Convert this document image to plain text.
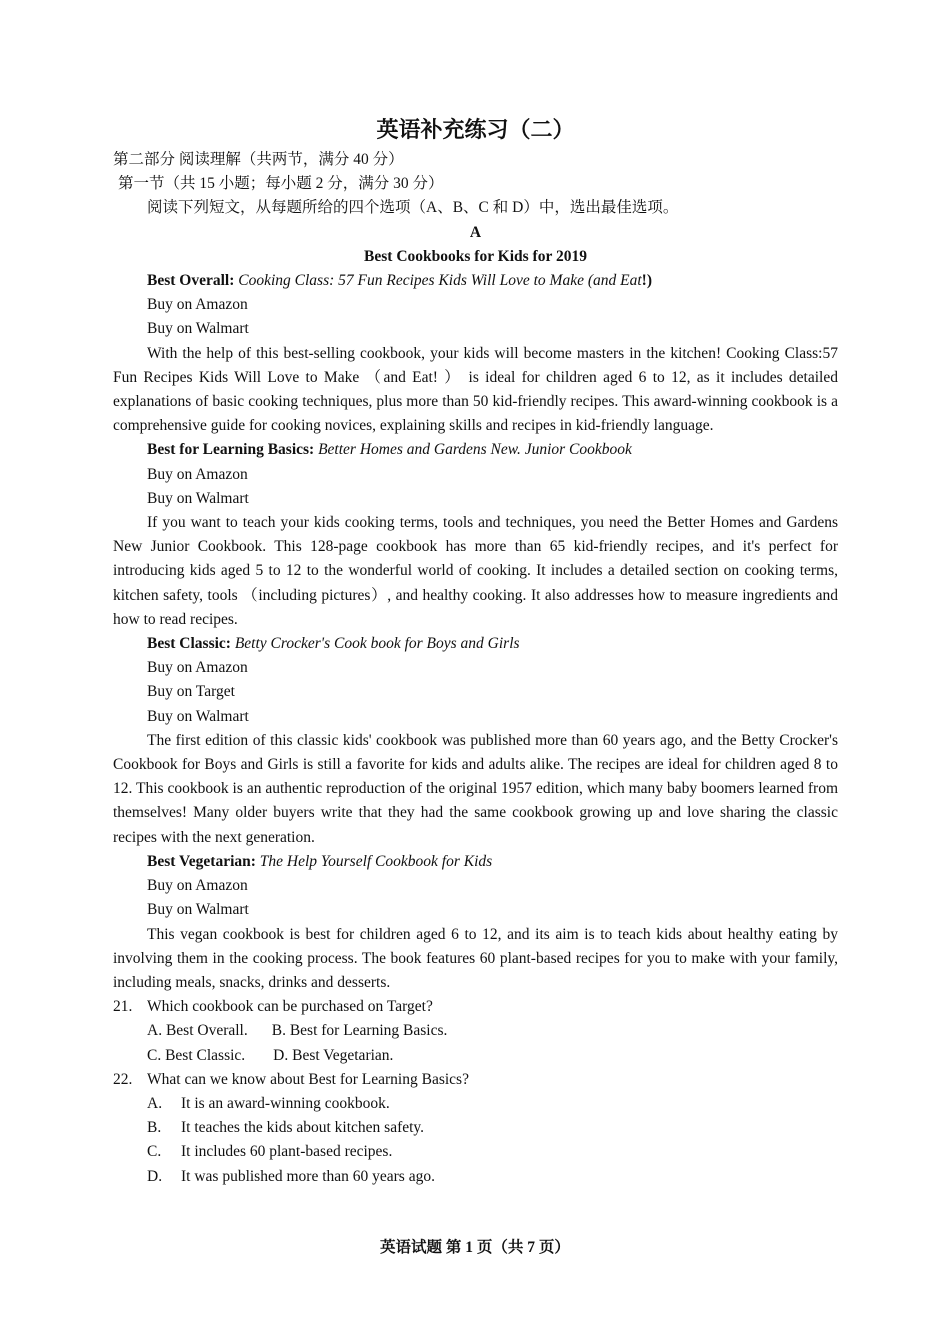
英语补充练习（二）
第二部分 阅读理解（共两节，满分 40 分）
第一节（共 15 小题；每小题 2 分，满分 30 分）
阅读下列短文，从每题所给的四个选项（A、B、C 和 D）中，选出最佳选项。
A
Best Cookbooks for Kids for 2019
Best Overall: Cooking Class: 57 Fun Recipes Kids Will Love to Make (and Eat!)
Buy on Amazon
Buy on Walmart

With the help of this best-selling cookbook, your kids will become masters in the kitchen! Cooking Class:57 Fun Recipes Kids Will Love to Make （and Eat! ） is ideal for children aged 6 to 12, as it includes detailed explanations of basic cooking techniques, plus more than 50 kid-friendly recipes. This award-winning cookbook is a comprehensive guide for cooking novices, explaining skills and recipes in kid-friendly language.

Best for Learning Basics: Better Homes and Gardens New. Junior Cookbook
Buy on Amazon
Buy on Walmart

If you want to teach your kids cooking terms, tools and techniques, you need the Better Homes and Gardens New Junior Cookbook. This 128-page cookbook has more than 65 kid-friendly recipes, and it's perfect for introducing kids aged 5 to 12 to the wonderful world of cooking. It includes a detailed section on cooking terms, kitchen safety, tools （including pictures）, and healthy cooking. It also addresses how to measure ingredients and how to read recipes.

Best Classic: Betty Crocker's Cook book for Boys and Girls
Buy on Amazon
Buy on Target
Buy on Walmart

The first edition of this classic kids' cookbook was published more than 60 years ago, and the Betty Crocker's Cookbook for Boys and Girls is still a favorite for kids and adults alike. The recipes are ideal for children aged 8 to 12. This cookbook is an authentic reproduction of the original 1957 edition, which many baby boomers learned from themselves! Many older buyers write that they had the same cookbook growing up and love sharing the classic recipes with the next generation.

Best Vegetarian: The Help Yourself Cookbook for Kids
Buy on Amazon
Buy on Walmart

This vegan cookbook is best for children aged 6 to 12, and its aim is to teach kids about healthy eating by involving them in the cooking process. The book features 60 plant-based recipes for you to make with your family, including meals, snacks, drinks and desserts.

21. Which cookbook can be purchased on Target?
A. Best Overall. B. Best for Learning Basics.
C. Best Classic. D. Best Vegetarian.
22. What can we know about Best for Learning Basics?
A. It is an award-winning cookbook.
B. It teaches the kids about kitchen safety.
C. It includes 60 plant-based recipes.
D. It was published more than 60 years ago.
英语试题 第 1 页（共 7 页）
